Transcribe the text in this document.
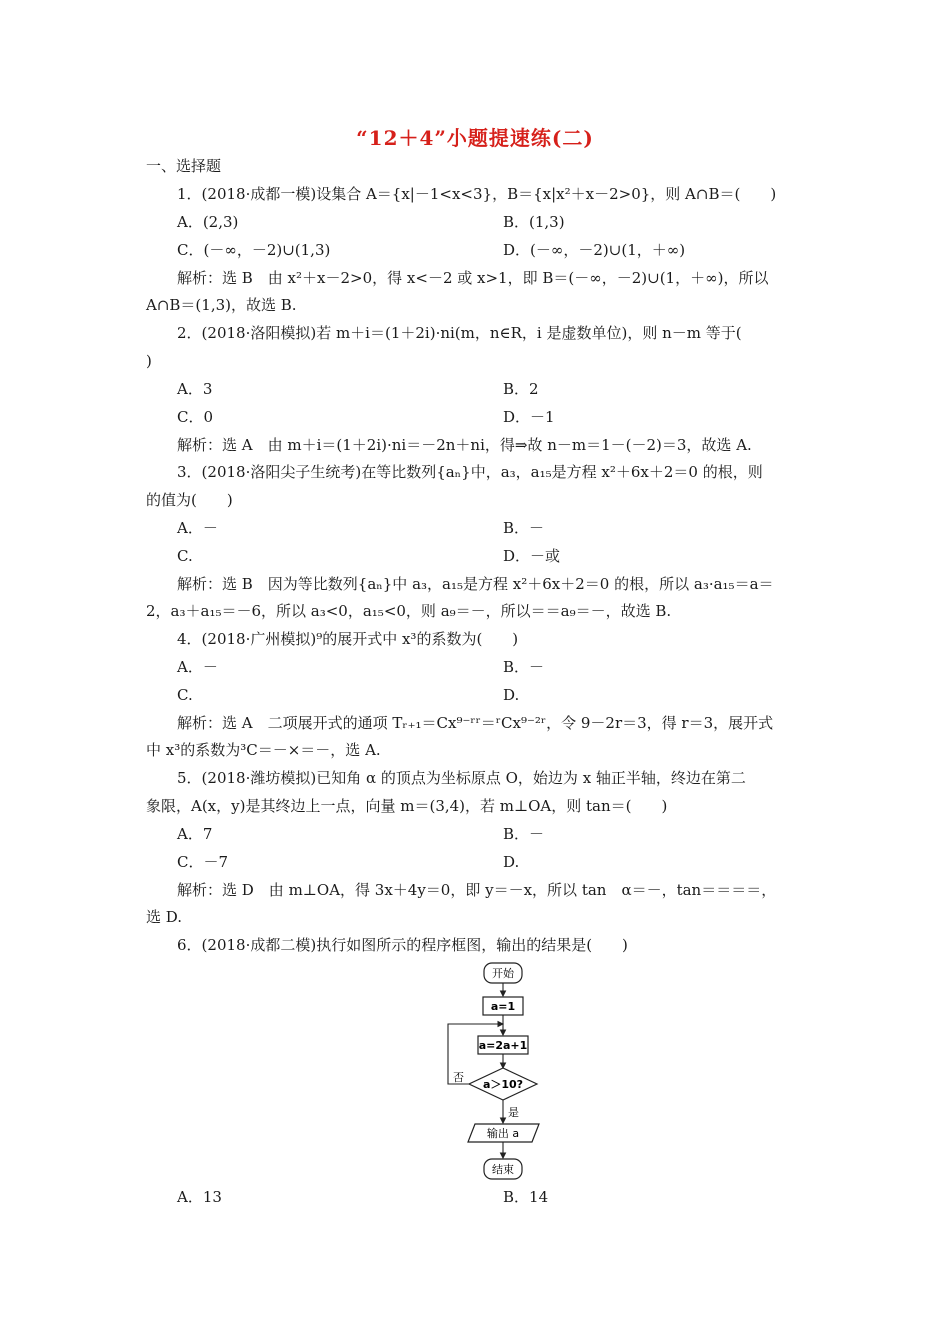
“12＋4”小题提速练(二)
一、选择题
1．(2018·成都一模)设集合 A＝{x|－1<x<3}，B＝{x|x²＋x－2>0}，则 A∩B＝(　　)
A．(2,3)	B．(1,3)
C．(－∞，－2)∪(1,3)	D．(－∞，－2)∪(1，＋∞)
解析：选 B　由 x²＋x－2>0，得 x<－2 或 x>1，即 B＝(－∞，－2)∪(1，＋∞)，所以
A∩B＝(1,3)，故选 B.
2．(2018·洛阳模拟)若 m＋i＝(1＋2i)·ni(m，n∈R，i 是虚数单位)，则 n－m 等于(
)
A．3	B．2
C．0	D．－1
解析：选 A　由 m＋i＝(1＋2i)·ni＝－2n＋ni，得⇒故 n－m＝1－(－2)＝3，故选 A.
3．(2018·洛阳尖子生统考)在等比数列{aₙ}中，a₃，a₁₅是方程 x²＋6x＋2＝0 的根，则
的值为(　　)
A．－	B．－
C.	D．－或
解析：选 B　因为等比数列{aₙ}中 a₃，a₁₅是方程 x²＋6x＋2＝0 的根，所以 a₃·a₁₅＝a＝
2，a₃＋a₁₅＝－6，所以 a₃<0，a₁₅<0，则 a₉＝－，所以＝＝a₉＝－，故选 B.
4．(2018·广州模拟)⁹的展开式中 x³的系数为(　　)
A．－	B．－
C.	D.
解析：选 A　二项展开式的通项 Tᵣ₊₁＝Cx⁹⁻ʳʳ＝ʳCx⁹⁻²ʳ，令 9－2r＝3，得 r＝3，展开式
中 x³的系数为³C＝－×＝－，选 A.
5．(2018·潍坊模拟)已知角 α 的顶点为坐标原点 O，始边为 x 轴正半轴，终边在第二
象限，A(x，y)是其终边上一点，向量 m＝(3,4)，若 m⊥OA，则 tan＝(　　)
A．7	B．－
C．－7	D.
解析：选 D　由 m⊥OA，得 3x＋4y＝0，即 y＝－x，所以 tan　α＝－，tan＝＝＝＝，
选 D.
6．(2018·成都二模)执行如图所示的程序框图，输出的结果是(　　)
开始
a=1
a=2a+1
a＞10?
否
是
输出 a
结束
A．13	B．14
